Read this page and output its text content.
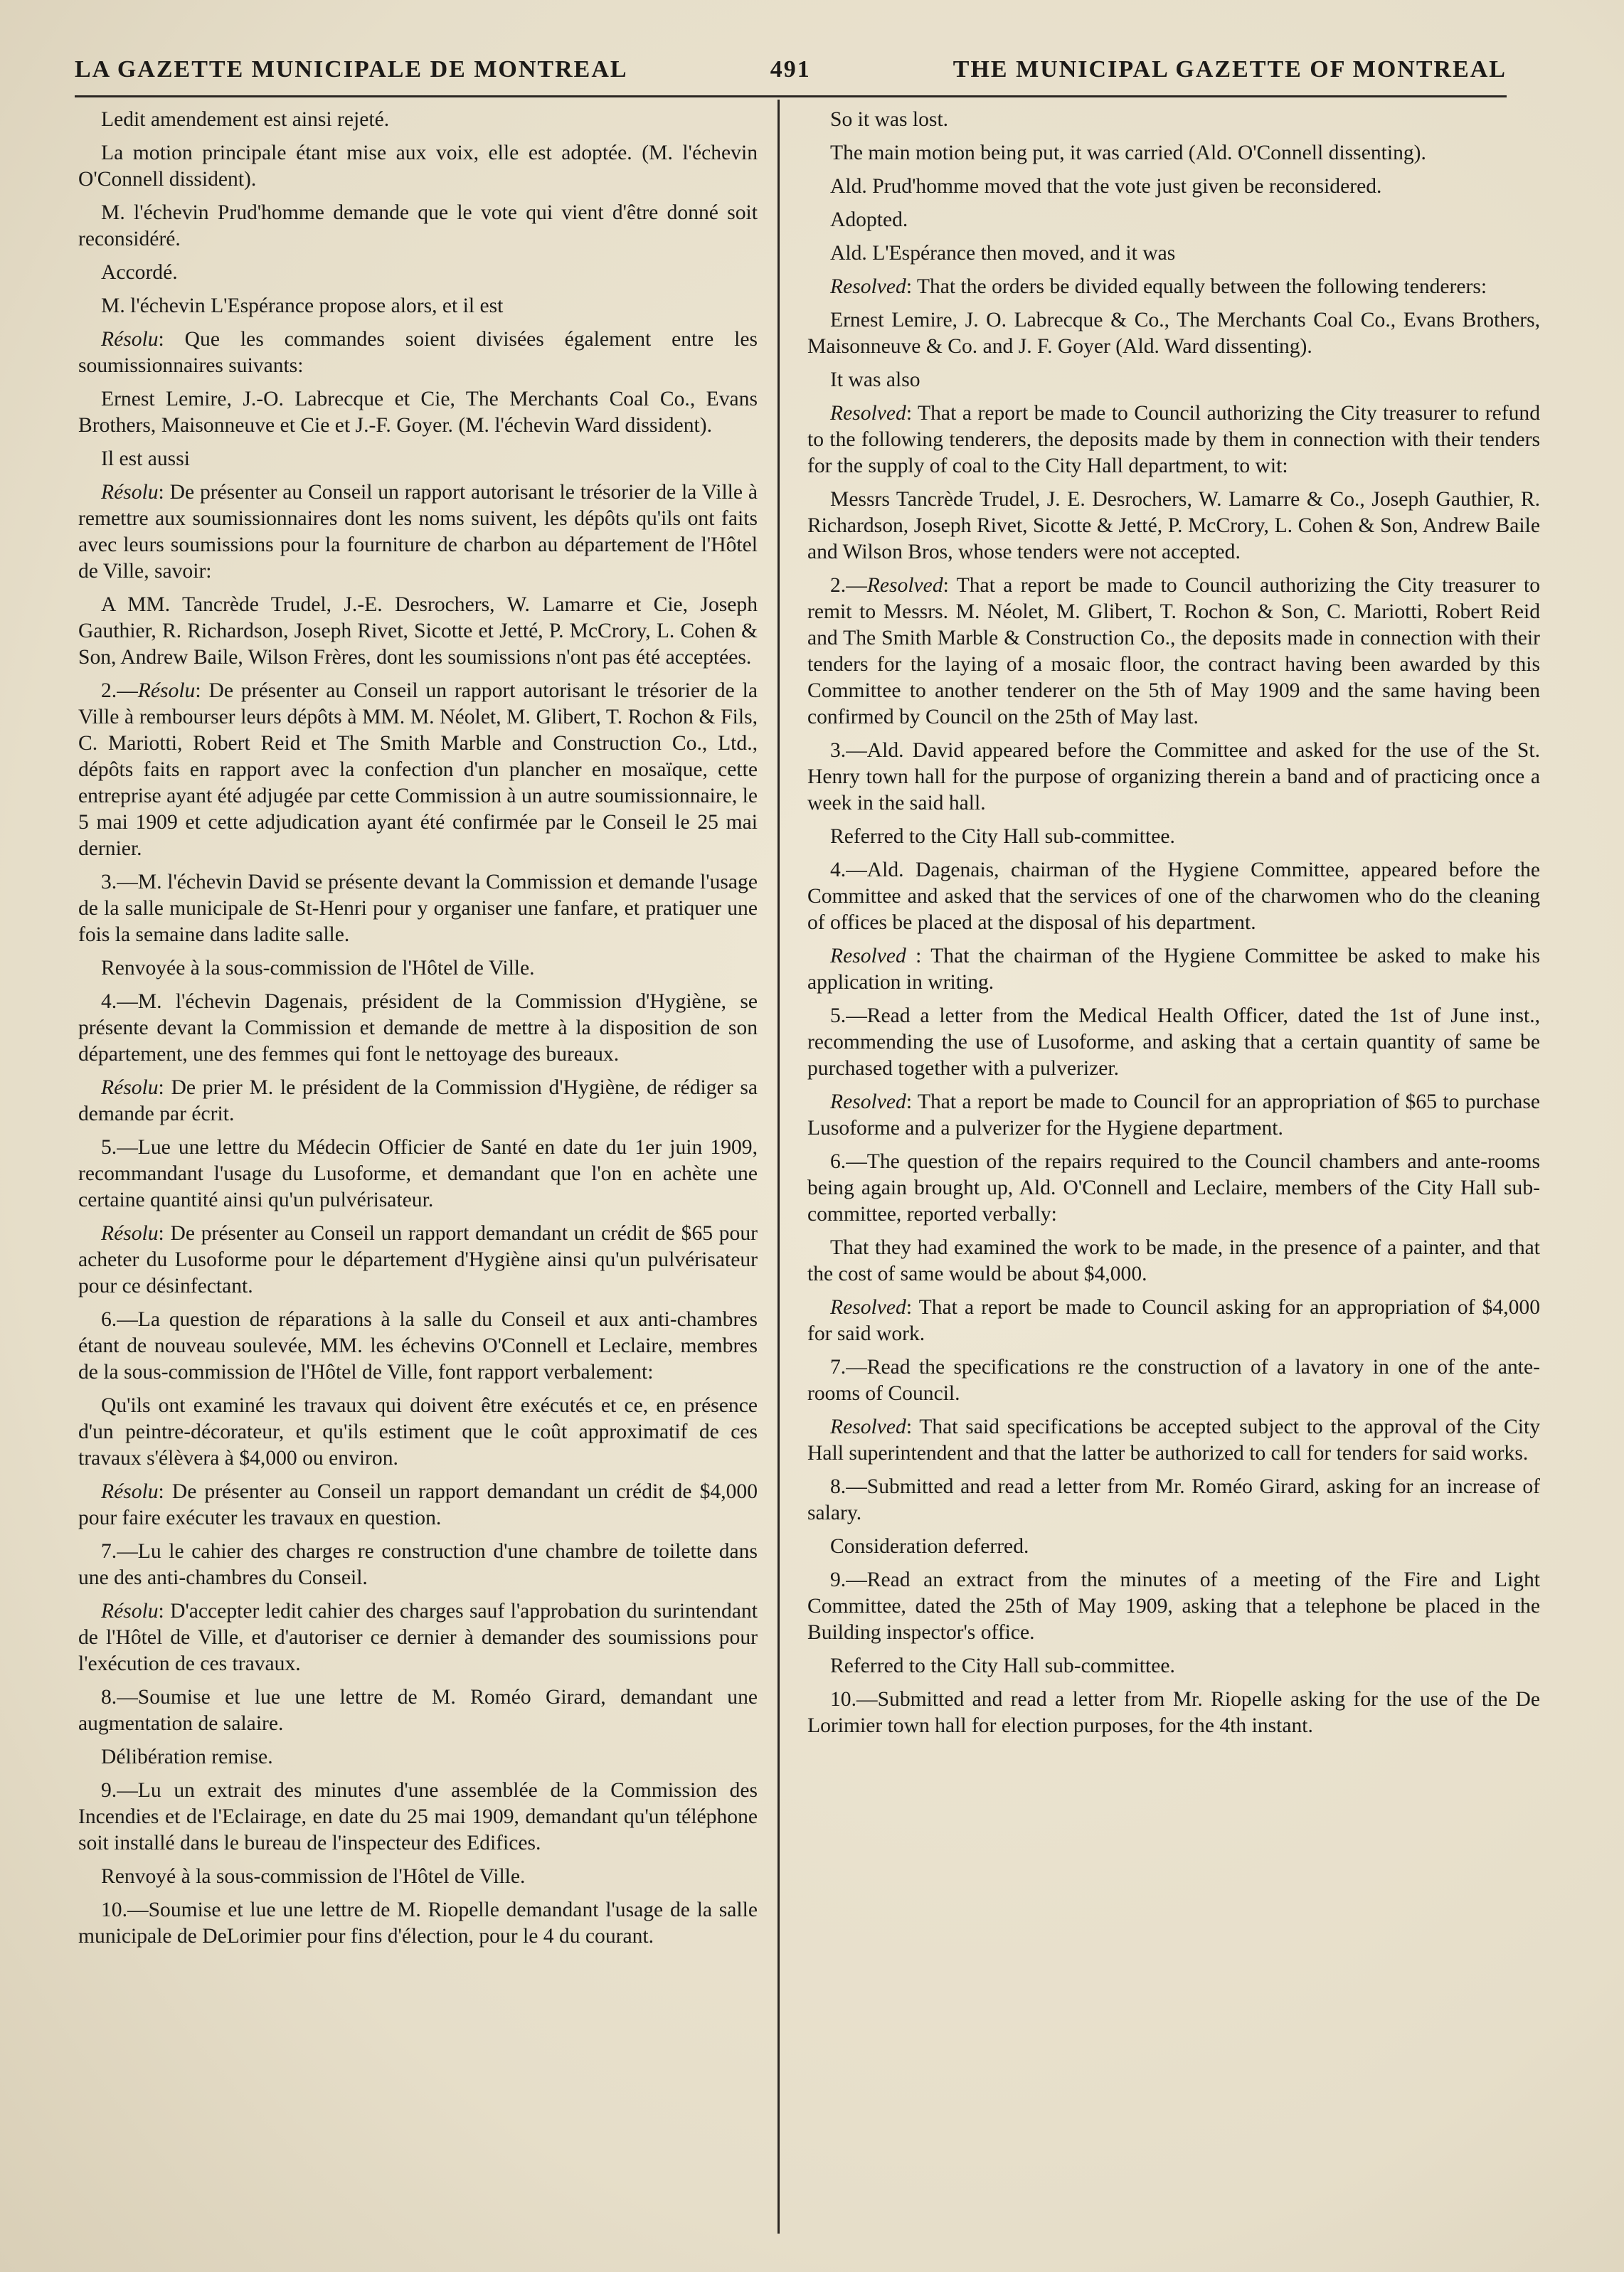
LA GAZETTE MUNICIPALE DE MONTREAL	491	THE MUNICIPAL GAZETTE OF MONTREAL

Ledit amendement est ainsi rejeté.

La motion principale étant mise aux voix, elle est adoptée. (M. l'échevin O'Connell dissident).

M. l'échevin Prud'homme demande que le vote qui vient d'être donné soit reconsidéré.

Accordé.

M. l'échevin L'Espérance propose alors, et il est

Résolu: Que les commandes soient divisées également entre les soumissionnaires suivants:

Ernest Lemire, J.-O. Labrecque et Cie, The Merchants Coal Co., Evans Brothers, Maisonneuve et Cie et J.-F. Goyer. (M. l'échevin Ward dissident).

Il est aussi

Résolu: De présenter au Conseil un rapport autorisant le trésorier de la Ville à remettre aux soumissionnaires dont les noms suivent, les dépôts qu'ils ont faits avec leurs soumissions pour la fourniture de charbon au département de l'Hôtel de Ville, savoir:

A MM. Tancrède Trudel, J.-E. Desrochers, W. Lamarre et Cie, Joseph Gauthier, R. Richardson, Joseph Rivet, Sicotte et Jetté, P. McCrory, L. Cohen & Son, Andrew Baile, Wilson Frères, dont les soumissions n'ont pas été acceptées.

2.—Résolu: De présenter au Conseil un rapport autorisant le trésorier de la Ville à rembourser leurs dépôts à MM. M. Néolet, M. Glibert, T. Rochon & Fils, C. Mariotti, Robert Reid et The Smith Marble and Construction Co., Ltd., dépôts faits en rapport avec la confection d'un plancher en mosaïque, cette entreprise ayant été adjugée par cette Commission à un autre soumissionnaire, le 5 mai 1909 et cette adjudication ayant été confirmée par le Conseil le 25 mai dernier.

3.—M. l'échevin David se présente devant la Commission et demande l'usage de la salle municipale de St-Henri pour y organiser une fanfare, et pratiquer une fois la semaine dans ladite salle.

Renvoyée à la sous-commission de l'Hôtel de Ville.

4.—M. l'échevin Dagenais, président de la Commission d'Hygiène, se présente devant la Commission et demande de mettre à la disposition de son département, une des femmes qui font le nettoyage des bureaux.

Résolu: De prier M. le président de la Commission d'Hygiène, de rédiger sa demande par écrit.

5.—Lue une lettre du Médecin Officier de Santé en date du 1er juin 1909, recommandant l'usage du Lusoforme, et demandant que l'on en achète une certaine quantité ainsi qu'un pulvérisateur.

Résolu: De présenter au Conseil un rapport demandant un crédit de $65 pour acheter du Lusoforme pour le département d'Hygiène ainsi qu'un pulvérisateur pour ce désinfectant.

6.—La question de réparations à la salle du Conseil et aux anti-chambres étant de nouveau soulevée, MM. les échevins O'Connell et Leclaire, membres de la sous-commission de l'Hôtel de Ville, font rapport verbalement:

Qu'ils ont examiné les travaux qui doivent être exécutés et ce, en présence d'un peintre-décorateur, et qu'ils estiment que le coût approximatif de ces travaux s'élèvera à $4,000 ou environ.

Résolu: De présenter au Conseil un rapport demandant un crédit de $4,000 pour faire exécuter les travaux en question.

7.—Lu le cahier des charges re construction d'une chambre de toilette dans une des anti-chambres du Conseil.

Résolu: D'accepter ledit cahier des charges sauf l'approbation du surintendant de l'Hôtel de Ville, et d'autoriser ce dernier à demander des soumissions pour l'exécution de ces travaux.

8.—Soumise et lue une lettre de M. Roméo Girard, demandant une augmentation de salaire.

Délibération remise.

9.—Lu un extrait des minutes d'une assemblée de la Commission des Incendies et de l'Eclairage, en date du 25 mai 1909, demandant qu'un téléphone soit installé dans le bureau de l'inspecteur des Edifices.

Renvoyé à la sous-commission de l'Hôtel de Ville.

10.—Soumise et lue une lettre de M. Riopelle demandant l'usage de la salle municipale de DeLorimier pour fins d'élection, pour le 4 du courant.

So it was lost.

The main motion being put, it was carried (Ald. O'Connell dissenting).

Ald. Prud'homme moved that the vote just given be reconsidered.

Adopted.

Ald. L'Espérance then moved, and it was

Resolved: That the orders be divided equally between the following tenderers:

Ernest Lemire, J. O. Labrecque & Co., The Merchants Coal Co., Evans Brothers, Maisonneuve & Co. and J. F. Goyer (Ald. Ward dissenting).

It was also

Resolved: That a report be made to Council authorizing the City treasurer to refund to the following tenderers, the deposits made by them in connection with their tenders for the supply of coal to the City Hall department, to wit:

Messrs Tancrède Trudel, J. E. Desrochers, W. Lamarre & Co., Joseph Gauthier, R. Richardson, Joseph Rivet, Sicotte & Jetté, P. McCrory, L. Cohen & Son, Andrew Baile and Wilson Bros, whose tenders were not accepted.

2.—Resolved: That a report be made to Council authorizing the City treasurer to remit to Messrs. M. Néolet, M. Glibert, T. Rochon & Son, C. Mariotti, Robert Reid and The Smith Marble & Construction Co., the deposits made in connection with their tenders for the laying of a mosaic floor, the contract having been awarded by this Committee to another tenderer on the 5th of May 1909 and the same having been confirmed by Council on the 25th of May last.

3.—Ald. David appeared before the Committee and asked for the use of the St. Henry town hall for the purpose of organizing therein a band and of practicing once a week in the said hall.

Referred to the City Hall sub-committee.

4.—Ald. Dagenais, chairman of the Hygiene Committee, appeared before the Committee and asked that the services of one of the charwomen who do the cleaning of offices be placed at the disposal of his department.

Resolved : That the chairman of the Hygiene Committee be asked to make his application in writing.

5.—Read a letter from the Medical Health Officer, dated the 1st of June inst., recommending the use of Lusoforme, and asking that a certain quantity of same be purchased together with a pulverizer.

Resolved: That a report be made to Council for an appropriation of $65 to purchase Lusoforme and a pulverizer for the Hygiene department.

6.—The question of the repairs required to the Council chambers and ante-rooms being again brought up, Ald. O'Connell and Leclaire, members of the City Hall sub-committee, reported verbally:

That they had examined the work to be made, in the presence of a painter, and that the cost of same would be about $4,000.

Resolved: That a report be made to Council asking for an appropriation of $4,000 for said work.

7.—Read the specifications re the construction of a lavatory in one of the ante-rooms of Council.

Resolved: That said specifications be accepted subject to the approval of the City Hall superintendent and that the latter be authorized to call for tenders for said works.

8.—Submitted and read a letter from Mr. Roméo Girard, asking for an increase of salary.

Consideration deferred.

9.—Read an extract from the minutes of a meeting of the Fire and Light Committee, dated the 25th of May 1909, asking that a telephone be placed in the Building inspector's office.

Referred to the City Hall sub-committee.

10.—Submitted and read a letter from Mr. Riopelle asking for the use of the De Lorimier town hall for election purposes, for the 4th instant.
